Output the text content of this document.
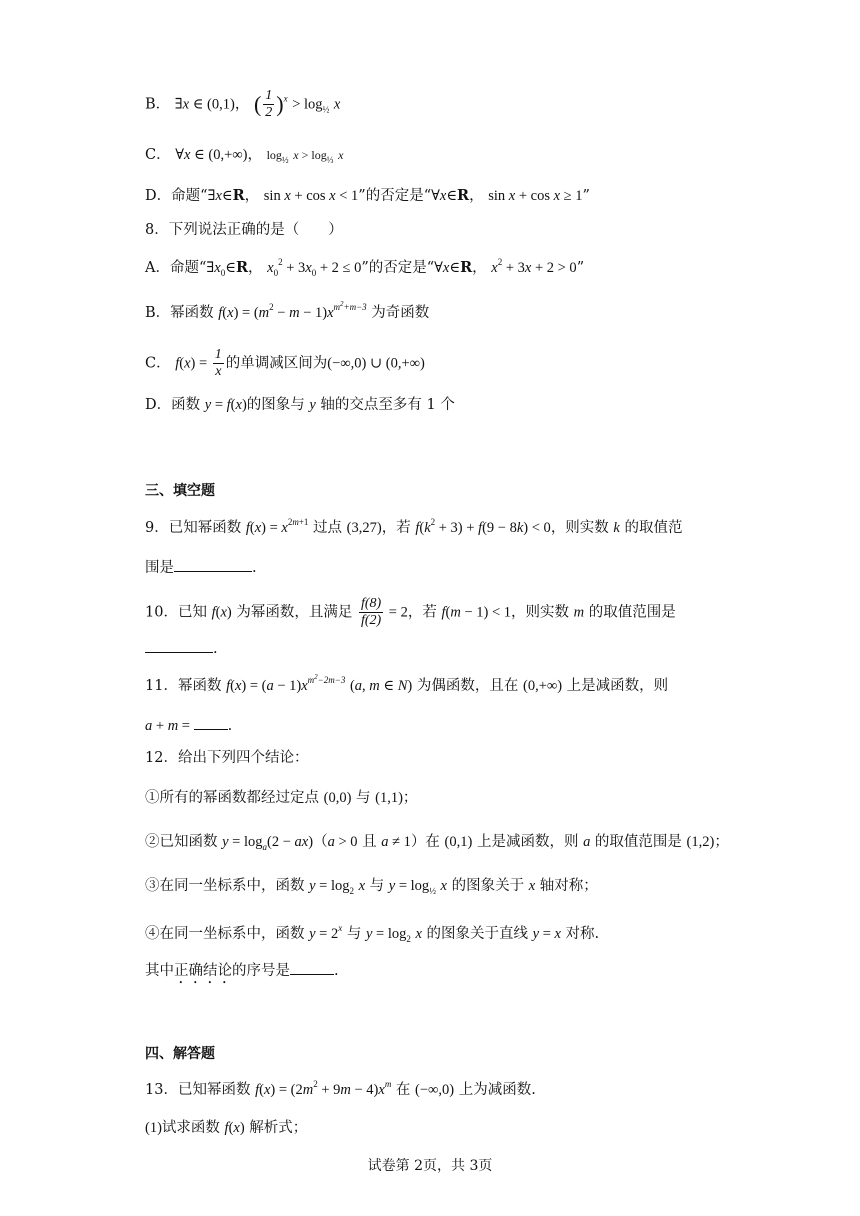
B． ∃x ∈ (0,1)， ( $\frac{1}{2} )^x > \log_{\frac{1}{2}} x$
C． ∀x ∈ (0,+∞)， $\log_{\frac{1}{2}} x > \log_{\frac{1}{3}} x$
D．命题“∃x∈R， sin x + cos x < 1”的否定是“∀x∈R， sin x + cos x ≥ 1”
8．下列说法正确的是（　　）
A．命题“$\exists x_0\in R$， $x_0^2 + 3x_0 + 2 \le 0$”的否定是“∀x∈R， $x^2 + 3x + 2 > 0$”
B．幂函数 $f(x) = (m^2 - m - 1)x^{m^2+m-3}$ 为奇函数
C． $f(x) = \frac{1}{x}$ 的单调减区间为(−∞,0) ∪ (0,+∞)
D．函数 y = f(x)的图象与 y 轴的交点至多有 1 个
三、填空题
9．已知幂函数 $f(x) = x^{2m+1}$ 过点 (3,27)，若 $f(k^2 + 3) + f(9 - 8k) < 0$，则实数 k 的取值范
围是	.
10．已知 f(x) 为幂函数，且满足 $\frac{f(8)}{f(2)} = 2$，若 f(m − 1) < 1，则实数 m 的取值范围是
.
11．幂函数 $f(x) = (a - 1)x^{m^2-2m-3}$ (a, m ∈ N) 为偶函数，且在 (0,+∞) 上是减函数，则
a + m = .
12．给出下列四个结论：
①所有的幂函数都经过定点 (0,0) 与 (1,1)；
②已知函数 $y = \log_a(2 - ax)(a > 0$ 且 a ≠ 1）在 (0,1) 上是减函数，则 a 的取值范围是 (1,2)；
③在同一坐标系中，函数 $y = \log_2 x$ 与 $y = \log_{\frac{1}{2}} x$ 的图象关于 x 轴对称；
④在同一坐标系中，函数 $y = 2^x$ 与 $y = \log_2 x$ 的图象关于直线 y = x 对称.
其中正确结论的序号是	.
四、解答题
13．已知幂函数 $f(x) = (2m^2 + 9m - 4)x^m$ 在 (−∞,0) 上为减函数.
(1)试求函数 f(x) 解析式；
试卷第 2页，共 3页
